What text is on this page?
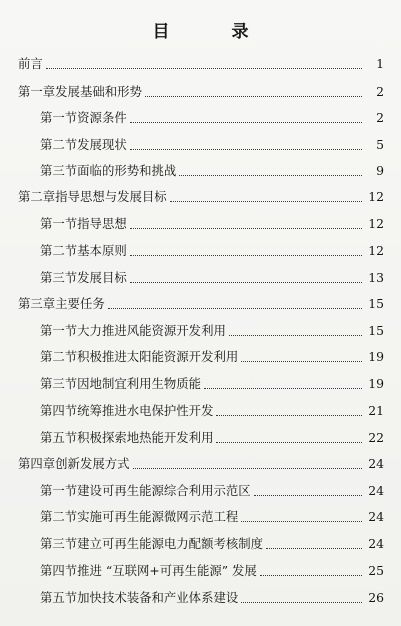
目 录
前言	1
第一章发展基础和形势	2
第一节资源条件	2
第二节发展现状	5
第三节面临的形势和挑战	9
第二章指导思想与发展目标	12
第一节指导思想	12
第二节基本原则	12
第三节发展目标	13
第三章主要任务	15
第一节大力推进风能资源开发利用	15
第二节积极推进太阳能资源开发利用	19
第三节因地制宜利用生物质能	19
第四节统筹推进水电保护性开发	21
第五节积极探索地热能开发利用	22
第四章创新发展方式	24
第一节建设可再生能源综合利用示范区	24
第二节实施可再生能源微网示范工程	24
第三节建立可再生能源电力配额考核制度	24
第四节推进 “互联网+可再生能源” 发展	25
第五节加快技术装备和产业体系建设	26
